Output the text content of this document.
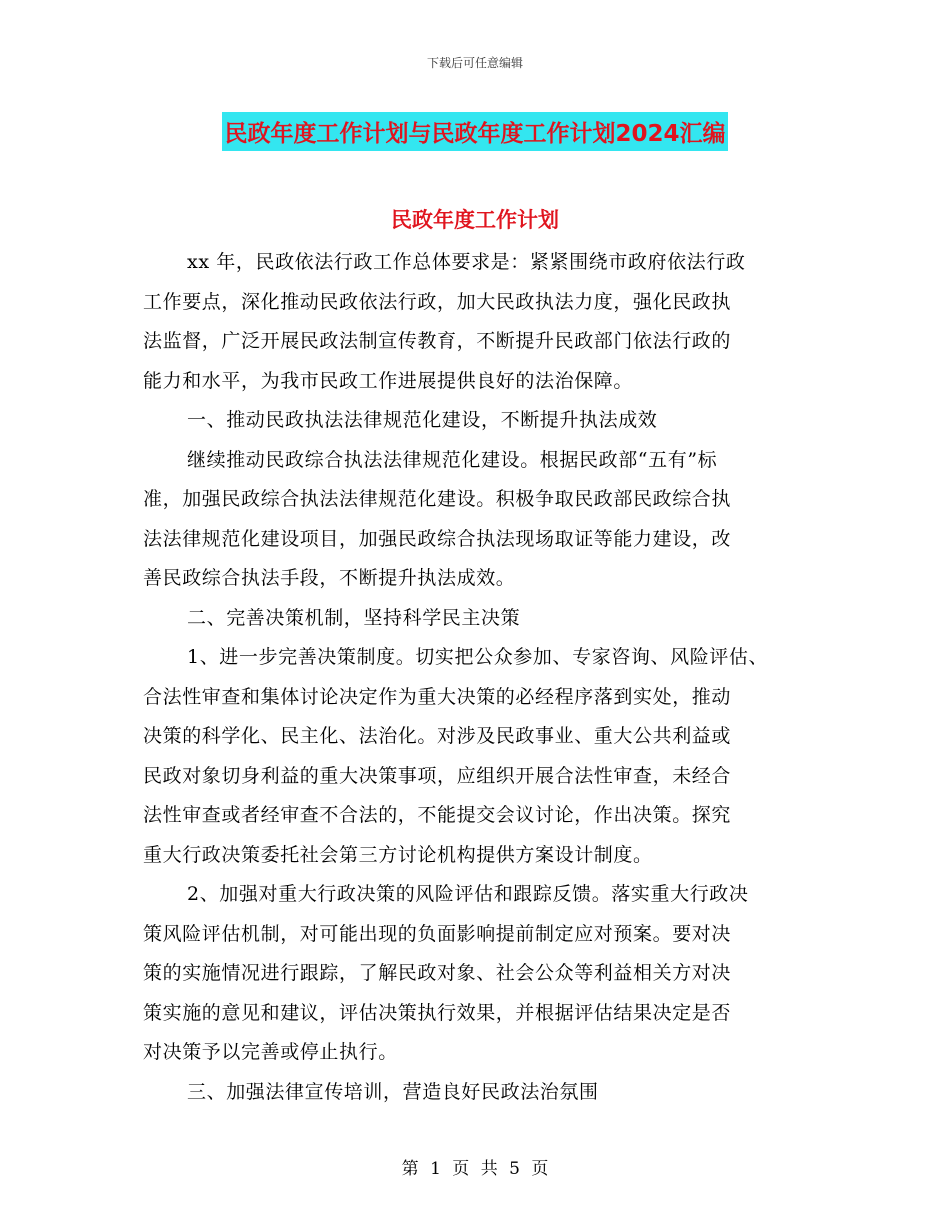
下载后可任意编辑
民政年度工作计划与民政年度工作计划2024汇编
民政年度工作计划
xx 年，民政依法行政工作总体要求是：紧紧围绕市政府依法行政
工作要点，深化推动民政依法行政，加大民政执法力度，强化民政执
法监督，广泛开展民政法制宣传教育，不断提升民政部门依法行政的
能力和水平，为我市民政工作进展提供良好的法治保障。
一、推动民政执法法律规范化建设，不断提升执法成效
继续推动民政综合执法法律规范化建设。根据民政部“五有”标
准，加强民政综合执法法律规范化建设。积极争取民政部民政综合执
法法律规范化建设项目，加强民政综合执法现场取证等能力建设，改
善民政综合执法手段，不断提升执法成效。
二、完善决策机制，坚持科学民主决策
1、进一步完善决策制度。切实把公众参加、专家咨询、风险评估、
合法性审查和集体讨论决定作为重大决策的必经程序落到实处，推动
决策的科学化、民主化、法治化。对涉及民政事业、重大公共利益或
民政对象切身利益的重大决策事项，应组织开展合法性审查，未经合
法性审查或者经审查不合法的，不能提交会议讨论，作出决策。探究
重大行政决策委托社会第三方讨论机构提供方案设计制度。
2、加强对重大行政决策的风险评估和跟踪反馈。落实重大行政决
策风险评估机制，对可能出现的负面影响提前制定应对预案。要对决
策的实施情况进行跟踪，了解民政对象、社会公众等利益相关方对决
策实施的意见和建议，评估决策执行效果，并根据评估结果决定是否
对决策予以完善或停止执行。
三、加强法律宣传培训，营造良好民政法治氛围
第 1 页 共 5 页
